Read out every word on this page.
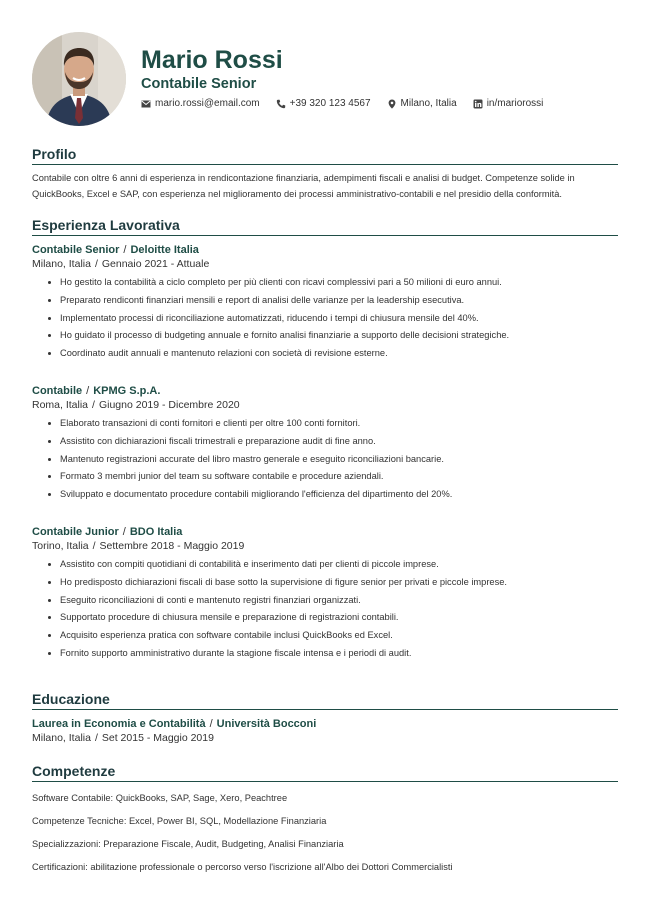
Mario Rossi
Contabile Senior
mario.rossi@email.com	+39 320 123 4567	Milano, Italia	in/mariorossi
Profilo
Contabile con oltre 6 anni di esperienza in rendicontazione finanziaria, adempimenti fiscali e analisi di budget. Competenze solide in QuickBooks, Excel e SAP, con esperienza nel miglioramento dei processi amministrativo-contabili e nel presidio della conformità.
Esperienza Lavorativa
Contabile Senior / Deloitte Italia
Milano, Italia / Gennaio 2021 - Attuale
• Ho gestito la contabilità a ciclo completo per più clienti con ricavi complessivi pari a 50 milioni di euro annui.
• Preparato rendiconti finanziari mensili e report di analisi delle varianze per la leadership esecutiva.
• Implementato processi di riconciliazione automatizzati, riducendo i tempi di chiusura mensile del 40%.
• Ho guidato il processo di budgeting annuale e fornito analisi finanziarie a supporto delle decisioni strategiche.
• Coordinato audit annuali e mantenuto relazioni con società di revisione esterne.
Contabile / KPMG S.p.A.
Roma, Italia / Giugno 2019 - Dicembre 2020
• Elaborato transazioni di conti fornitori e clienti per oltre 100 conti fornitori.
• Assistito con dichiarazioni fiscali trimestrali e preparazione audit di fine anno.
• Mantenuto registrazioni accurate del libro mastro generale e eseguito riconciliazioni bancarie.
• Formato 3 membri junior del team su software contabile e procedure aziendali.
• Sviluppato e documentato procedure contabili migliorando l'efficienza del dipartimento del 20%.
Contabile Junior / BDO Italia
Torino, Italia / Settembre 2018 - Maggio 2019
• Assistito con compiti quotidiani di contabilità e inserimento dati per clienti di piccole imprese.
• Ho predisposto dichiarazioni fiscali di base sotto la supervisione di figure senior per privati e piccole imprese.
• Eseguito riconciliazioni di conti e mantenuto registri finanziari organizzati.
• Supportato procedure di chiusura mensile e preparazione di registrazioni contabili.
• Acquisito esperienza pratica con software contabile inclusi QuickBooks ed Excel.
• Fornito supporto amministrativo durante la stagione fiscale intensa e i periodi di audit.
Educazione
Laurea in Economia e Contabilità / Università Bocconi
Milano, Italia / Set 2015 - Maggio 2019
Competenze

Software Contabile: QuickBooks, SAP, Sage, Xero, Peachtree

Competenze Tecniche: Excel, Power BI, SQL, Modellazione Finanziaria

Specializzazioni: Preparazione Fiscale, Audit, Budgeting, Analisi Finanziaria

Certificazioni: abilitazione professionale o percorso verso l'iscrizione all'Albo dei Dottori Commercialisti
